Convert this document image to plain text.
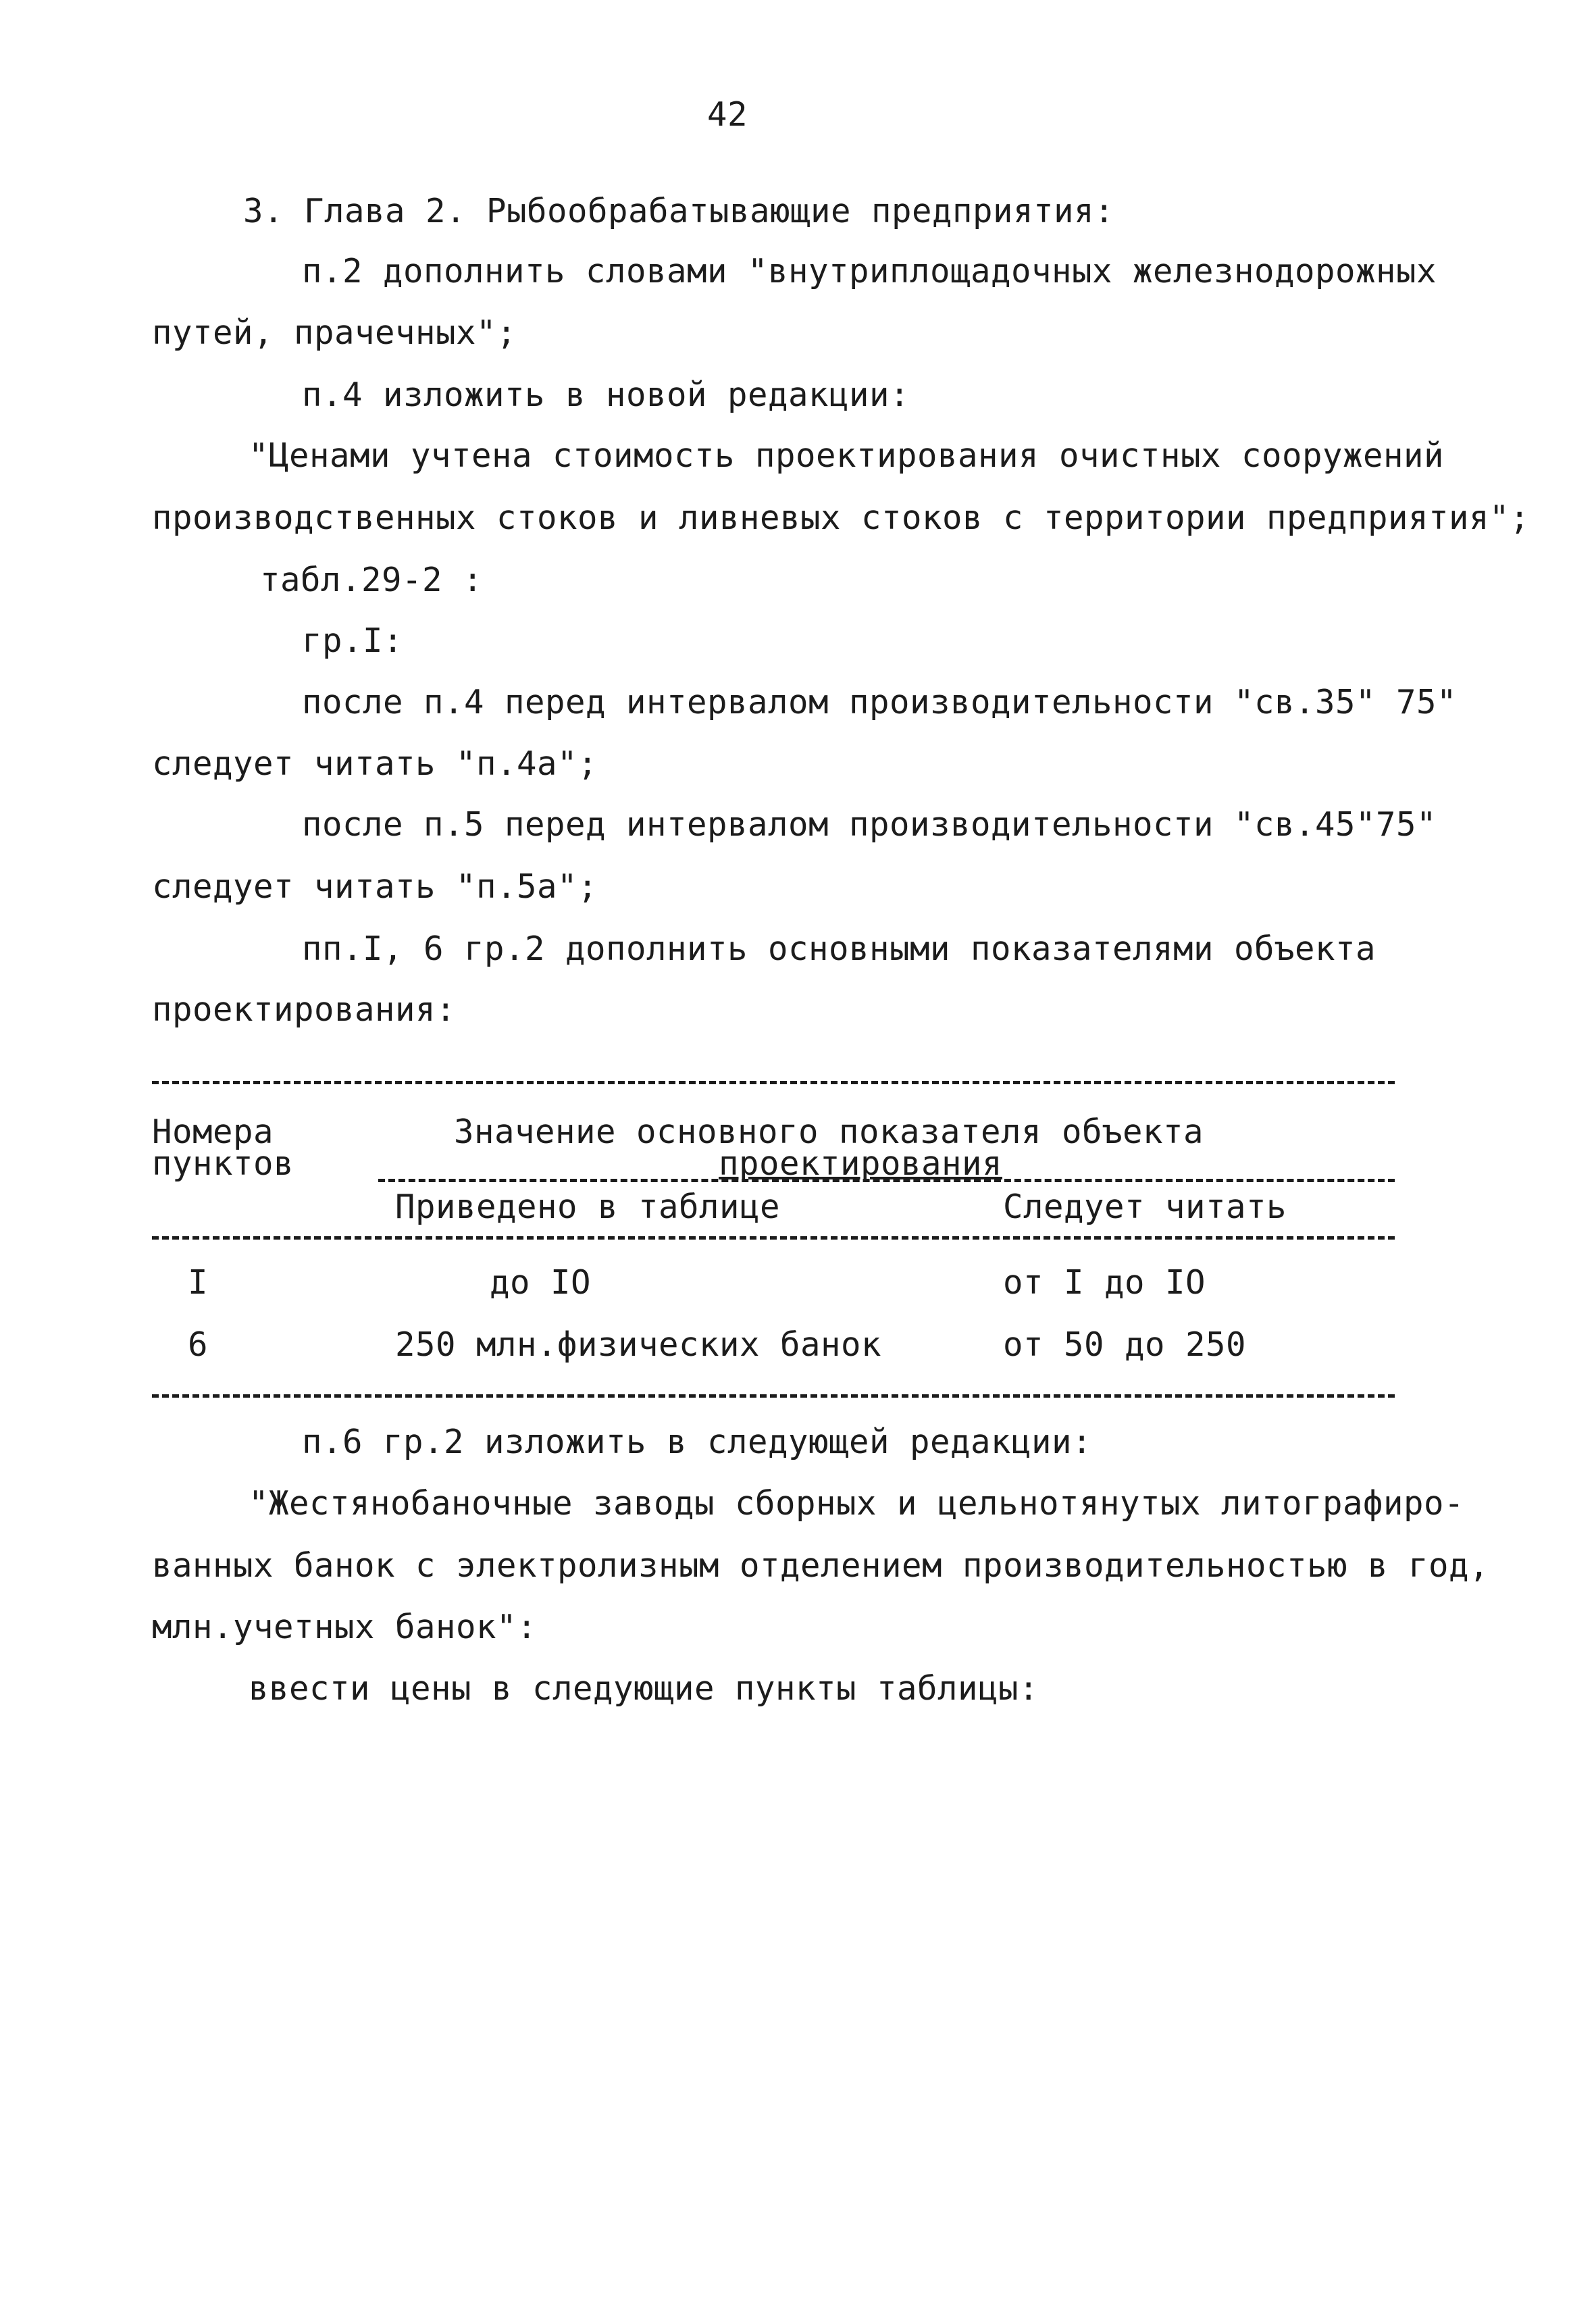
42
3. Глава 2. Рыбообрабатывающие предприятия:
п.2 дополнить словами "внутриплощадочных железнодорожных
путей, прачечных";
п.4 изложить в новой редакции:
"Ценами учтена стоимость проектирования очистных сооружений
производственных стоков и ливневых стоков с территории предприятия";
табл.29-2 :
гр.I:
после п.4 перед интервалом производительности "св.35" 75"
следует читать "п.4а";
после п.5 перед интервалом производительности "св.45"75"
следует читать "п.5а";
пп.I, 6 гр.2 дополнить основными показателями объекта
проектирования:
Номера
пунктов
Значение основного показателя объекта
проектирования
Приведено в таблице	Следует читать
I	до IO	от I до IO
6	250 млн.физических банок	от 50 до 250
п.6 гр.2 изложить в следующей редакции:
"Жестянобаночные заводы сборных и цельнотянутых литографиро-
ванных банок с электролизным отделением производительностью в год,
млн.учетных банок":
ввести цены в следующие пункты таблицы:
